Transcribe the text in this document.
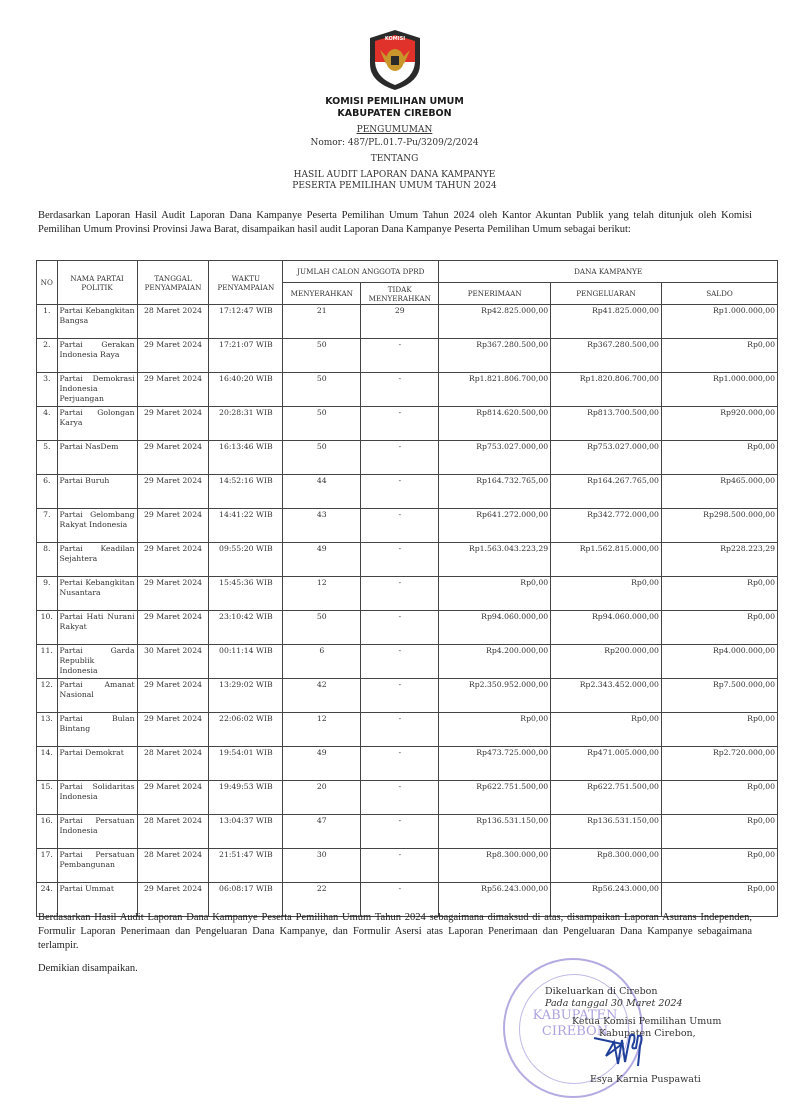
KOMISI
KOMISI PEMILIHAN UMUM
KABUPATEN CIREBON
PENGUMUMAN
Nomor: 487/PL.01.7-Pu/3209/2/2024
TENTANG
HASIL AUDIT LAPORAN DANA KAMPANYE
PESERTA PEMILIHAN UMUM TAHUN 2024
Berdasarkan Laporan Hasil Audit Laporan Dana Kampanye Peserta Pemilihan Umum Tahun 2024 oleh Kantor Akuntan Publik yang telah ditunjuk oleh Komisi Pemilihan Umum Provinsi Provinsi Jawa Barat, disampaikan hasil audit Laporan Dana Kampanye Peserta Pemilihan Umum sebagai berikut:
NO	NAMA PARTAI POLITIK	TANGGAL PENYAMPAIAN	WAKTU PENYAMPAIAN	JUMLAH CALON ANGGOTA DPRD		DANA KAMPANYE		
				MENYERAHKAN	TIDAK MENYERAHKAN	PENERIMAAN	PENGELUARAN	SALDO
1.	Partai Kebangkitan Bangsa	28 Maret 2024	17:12:47 WIB	21	29	Rp42.825.000,00	Rp41.825.000,00	Rp1.000.000,00
2.	Partai Gerakan Indonesia Raya	29 Maret 2024	17:21:07 WIB	50	-	Rp367.280.500,00	Rp367.280.500,00	Rp0,00
3.	Partai Demokrasi Indonesia Perjuangan	29 Maret 2024	16:40:20 WIB	50	-	Rp1.821.806.700,00	Rp1.820.806.700,00	Rp1.000.000,00
4.	Partai Golongan Karya	29 Maret 2024	20:28:31 WIB	50	-	Rp814.620.500,00	Rp813.700.500,00	Rp920.000,00
5.	Partai NasDem	29 Maret 2024	16:13:46 WIB	50	-	Rp753.027.000,00	Rp753.027.000,00	Rp0,00
6.	Partai Buruh	29 Maret 2024	14:52:16 WIB	44	-	Rp164.732.765,00	Rp164.267.765,00	Rp465.000,00
7.	Partai Gelombang Rakyat Indonesia	29 Maret 2024	14:41:22 WIB	43	-	Rp641.272.000,00	Rp342.772.000,00	Rp298.500.000,00
8.	Partai Keadilan Sejahtera	29 Maret 2024	09:55:20 WIB	49	-	Rp1.563.043.223,29	Rp1.562.815.000,00	Rp228.223,29
9.	Pertai Kebangkitan Nusantara	29 Maret 2024	15:45:36 WIB	12	-	Rp0,00	Rp0,00	Rp0,00
10.	Partai Hati Nurani Rakyat	29 Maret 2024	23:10:42 WIB	50	-	Rp94.060.000,00	Rp94.060.000,00	Rp0,00
11.	Partai Garda Republik Indonesia	30 Maret 2024	00:11:14 WIB	6	-	Rp4.200.000,00	Rp200.000,00	Rp4.000.000,00
12.	Partai Amanat Nasional	29 Maret 2024	13:29:02 WIB	42	-	Rp2.350.952.000,00	Rp2.343.452.000,00	Rp7.500.000,00
13.	Partai Bulan Bintang	29 Maret 2024	22:06:02 WIB	12	-	Rp0,00	Rp0,00	Rp0,00
14.	Partai Demokrat	28 Maret 2024	19:54:01 WIB	49	-	Rp473.725.000,00	Rp471.005.000,00	Rp2.720.000,00
15.	Partai Solidaritas Indonesia	29 Maret 2024	19:49:53 WIB	20	-	Rp622.751.500,00	Rp622.751.500,00	Rp0,00
16.	Partai Persatuan Indonesia	28 Maret 2024	13:04:37 WIB	47	-	Rp136.531.150,00	Rp136.531.150,00	Rp0,00
17.	Partai Persatuan Pembangunan	28 Maret 2024	21:51:47 WIB	30	-	Rp8.300.000,00	Rp8.300.000,00	Rp0,00
24.	Partai Ummat	29 Maret 2024	06:08:17 WIB	22	-	Rp56.243.000,00	Rp56.243.000,00	Rp0,00
Berdasarkan Hasil Audit Laporan Dana Kampanye Peserta Pemilihan Umum Tahun 2024 sebagaimana dimaksud di atas, disampaikan Laporan Asurans Independen, Formulir Laporan Penerimaan dan Pengeluaran Dana Kampanye, dan Formulir Asersi atas Laporan Penerimaan dan Pengeluaran Dana Kampanye sebagaimana terlampir.
Demikian disampaikan.
KABUPATEN
CIREBON
Dikeluarkan di Cirebon
Pada tanggal 30 Maret 2024
Ketua Komisi Pemilihan Umum
Kabupaten Cirebon,
Esya Karnia Puspawati
